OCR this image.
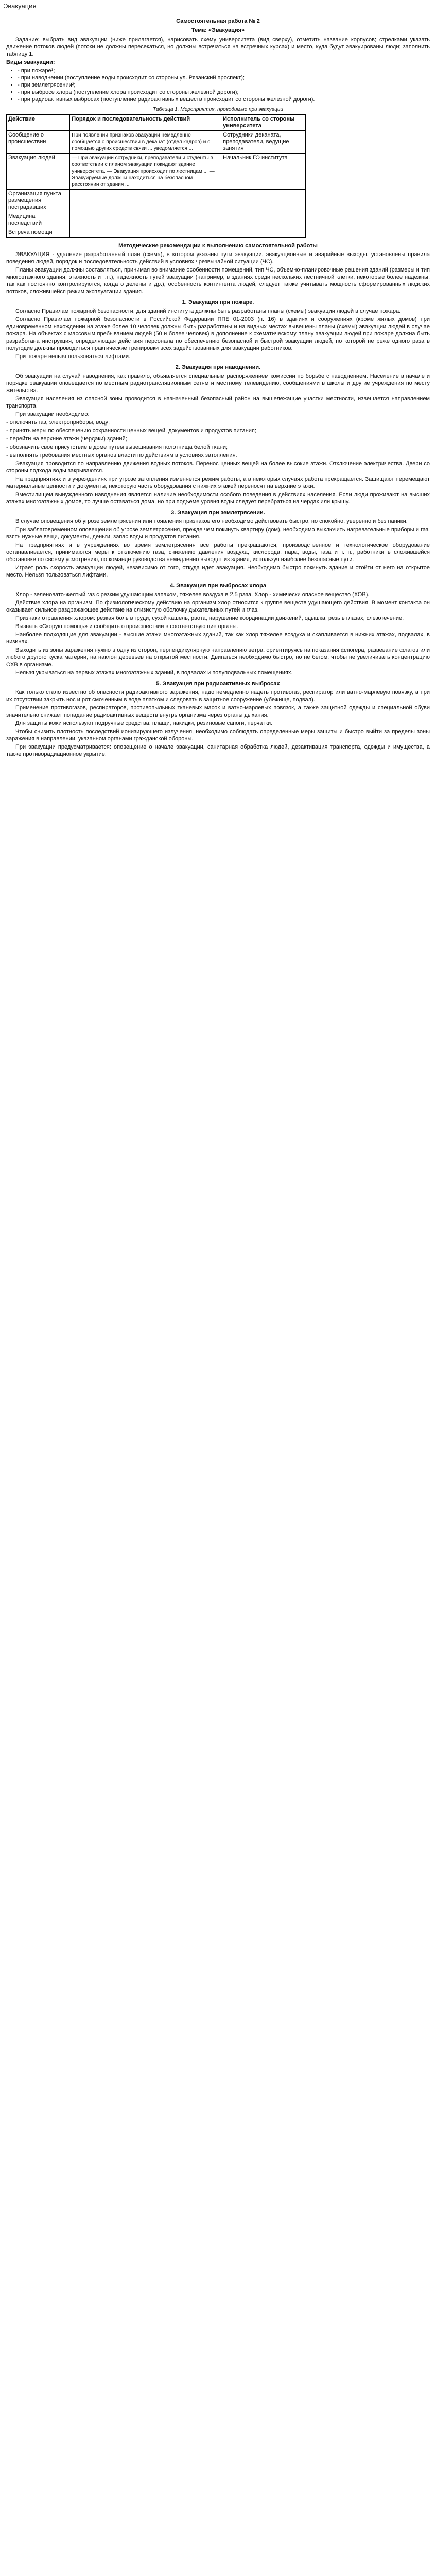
Эвакуация

Самостоятельная работа № 2

Тема: «Эвакуация»

Задание: выбрать вид эвакуации (ниже прилагается), нарисовать схему университета (вид сверху), отметить название корпусов; стрелками указать движение потоков людей (потоки не должны пересекаться, но должны встречаться на встречных курсах) и место, куда будут эвакуированы люди; заполнить таблицу 1.

Виды эвакуации:

• - при пожаре¹;
• - при наводнении (поступление воды происходит со стороны ул. Рязанский проспект);
• - при землетрясении²;
• - при выбросе хлора (поступление хлора происходит со стороны железной дороги);
• - при радиоактивных выбросах (поступление радиоактивных веществ происходит со стороны железной дороги).

Таблица 1. Мероприятия, проводимые при эвакуации

Действие	Порядок и последовательность действий	Исполнитель со стороны университета
Сообщение о происшествии	При появлении признаков эвакуации немедленно сообщается о происшествии в деканат (отдел кадров) и с помощью других средств связи ... уведомляется ...	Сотрудники деканата, преподаватели, ведущие занятия
Эвакуация людей	— При эвакуации сотрудники, преподаватели и студенты в соответствии с планом эвакуации покидают здание университета. — Эвакуация происходит по лестницам ... — Эвакуируемые должны находиться на безопасном расстоянии от здания ...	Начальник ГО института
Организация пункта размещения пострадавших		
Медицина последствий		
Встреча помощи		
Методические рекомендации к выполнению самостоятельной работы

ЭВАКУАЦИЯ - удаление разработанный план (схема), в котором указаны пути эвакуации, эвакуационные и аварийные выходы, установлены правила поведения людей, порядок и последовательность действий в условиях чрезвычайной ситуации (ЧС).

Планы эвакуации должны составляться, принимая во внимание особенности помещений, тип ЧС, объемно-планировочные решения зданий (размеры и тип многоэтажного здания, этажность и т.п.), надежность путей эвакуации (например, в зданиях среди нескольких лестничной клетки, некоторые более надежны, так как постоянно контролируются, когда отделены и др.), особенность контингента людей, следует также учитывать мощность сформированных людских потоков, сложившейся режим эксплуатации здания.

1. Эвакуация при пожаре.

Согласно Правилам пожарной безопасности, для зданий института должны быть разработаны планы (схемы) эвакуации людей в случае пожара.

Согласно Правилам пожарной безопасности в Российской Федерации ППБ 01-2003 (п. 16) в зданиях и сооружениях (кроме жилых домов) при единовременном нахождении на этаже более 10 человек должны быть разработаны и на видных местах вывешены планы (схемы) эвакуации людей в случае пожара. На объектах с массовым пребыванием людей (50 и более человек) в дополнение к схематическому плану эвакуации людей при пожаре должна быть разработана инструкция, определяющая действия персонала по обеспечению безопасной и быстрой эвакуации людей, по которой не реже одного раза в полугодие должны проводиться практические тренировки всех задействованных для эвакуации работников.

При пожаре нельзя пользоваться лифтами.

2. Эвакуация при наводнении.

Об эвакуации на случай наводнения, как правило, объявляется специальным распоряжением комиссии по борьбе с наводнением. Население в начале и порядке эвакуации оповещается по местным радиотрансляционным сетям и местному телевидению, сообщениями в школы и другие учреждения по месту жительства.

Эвакуация населения из опасной зоны проводится в назначенный безопасный район на вышележащие участки местности, извещается направлением транспорта.

При эвакуации необходимо:

- отключить газ, электроприборы, воду;

- принять меры по обеспечению сохранности ценных вещей, документов и продуктов питания;

- перейти на верхние этажи (чердаки) зданий;

- обозначить свое присутствие в доме путем вывешивания полотнища белой ткани;

- выполнять требования местных органов власти по действиям в условиях затопления.

Эвакуация проводится по направлению движения водных потоков. Перенос ценных вещей на более высокие этажи. Отключение электричества. Двери со стороны подхода воды закрываются.

На предприятиях и в учреждениях при угрозе затопления изменяется режим работы, а в некоторых случаях работа прекращается. Защищают перемещают материальные ценности и документы, некоторую часть оборудования с нижних этажей переносят на верхние этажи.

Вместилищем вынужденного наводнения является наличие необходимости особого поведения в действиях населения. Если люди проживают на высших этажах многоэтажных домов, то лучше оставаться дома, но при подъеме уровня воды следует перебраться на чердак или крышу.

3. Эвакуация при землетрясении.

В случае оповещения об угрозе землетрясения или появления признаков его необходимо действовать быстро, но спокойно, уверенно и без паники.

При заблаговременном оповещении об угрозе землетрясения, прежде чем покинуть квартиру (дом), необходимо выключить нагревательные приборы и газ, взять нужные вещи, документы, деньги, запас воды и продуктов питания.

На предприятиях и в учреждениях во время землетрясения все работы прекращаются, производственное и технологическое оборудование останавливается, принимаются меры к отключению газа, снижению давления воздуха, кислорода, пара, воды, газа и т. п., работники в сложившейся обстановке по своему усмотрению, по команде руководства немедленно выходят из здания, используя наиболее безопасные пути.

Играет роль скорость эвакуации людей, независимо от того, откуда идет эвакуация. Необходимо быстро покинуть здание и отойти от него на открытое место. Нельзя пользоваться лифтами.

4. Эвакуация при выбросах хлора

Хлор - зеленовато-желтый газ с резким удушающим запахом, тяжелее воздуха в 2,5 раза. Хлор - химически опасное вещество (ХОВ).

Действие хлора на организм. По физиологическому действию на организм хлор относится к группе веществ удушающего действия. В момент контакта он оказывает сильное раздражающее действие на слизистую оболочку дыхательных путей и глаз.

Признаки отравления хлором: резкая боль в груди, сухой кашель, рвота, нарушение координации движений, одышка, резь в глазах, слезотечение.

Вызвать «Скорую помощь» и сообщить о происшествии в соответствующие органы.

Наиболее подходящие для эвакуации - высшие этажи многоэтажных зданий, так как хлор тяжелее воздуха и скапливается в нижних этажах, подвалах, в низинах.

Выходить из зоны заражения нужно в одну из сторон, перпендикулярную направлению ветра, ориентируясь на показания флюгера, развевание флагов или любого другого куска материи, на наклон деревьев на открытой местности. Двигаться необходимо быстро, но не бегом, чтобы не увеличивать концентрацию ОХВ в организме.

Нельзя укрываться на первых этажах многоэтажных зданий, в подвалах и полуподвальных помещениях.

5. Эвакуация при радиоактивных выбросах

Как только стало известно об опасности радиоактивного заражения, надо немедленно надеть противогаз, респиратор или ватно-марлевую повязку, а при их отсутствии закрыть нос и рот смоченным в воде платком и следовать в защитное сооружение (убежище, подвал).

Применение противогазов, респираторов, противопыльных тканевых масок и ватно-марлевых повязок, а также защитной одежды и специальной обуви значительно снижает попадание радиоактивных веществ внутрь организма через органы дыхания.

Для защиты кожи используют подручные средства: плащи, накидки, резиновые сапоги, перчатки.

Чтобы снизить плотность последствий ионизирующего излучения, необходимо соблюдать определенные меры защиты и быстро выйти за пределы зоны заражения в направлении, указанном органами гражданской обороны.

При эвакуации предусматривается: оповещение о начале эвакуации, санитарная обработка людей, дезактивация транспорта, одежды и имущества, а также противорадиационное укрытие.
